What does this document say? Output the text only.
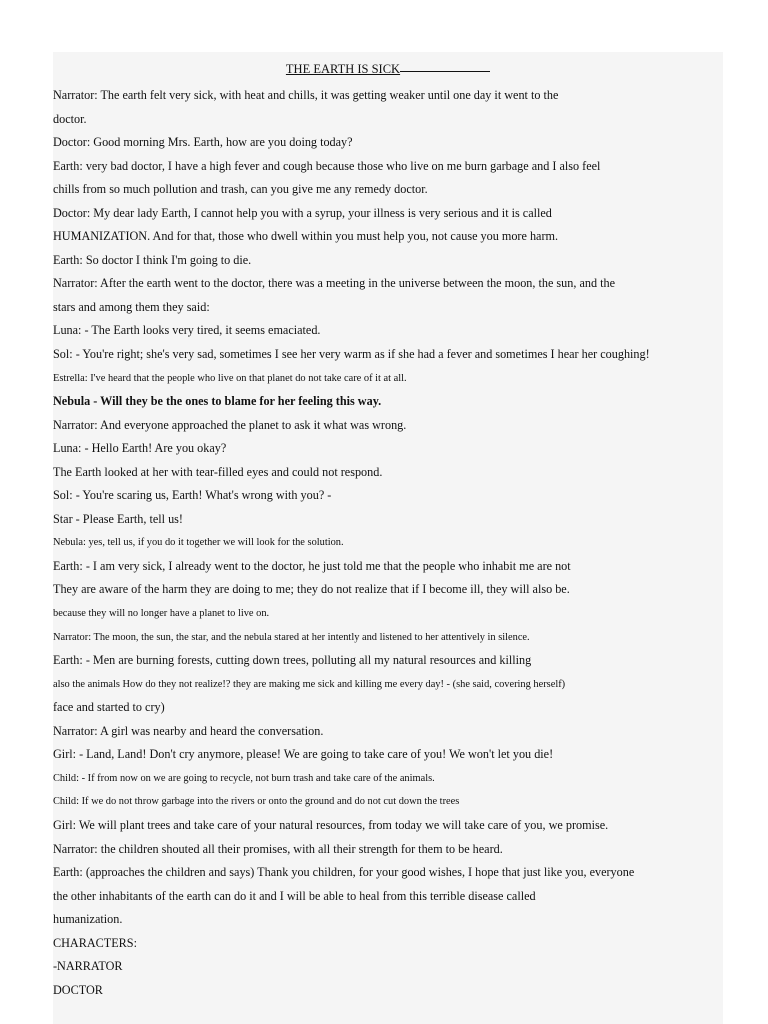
THE EARTH IS SICK
Narrator: The earth felt very sick, with heat and chills, it was getting weaker until one day it went to the
doctor.
Doctor: Good morning Mrs. Earth, how are you doing today?
Earth: very bad doctor, I have a high fever and cough because those who live on me burn garbage and I also feel
chills from so much pollution and trash, can you give me any remedy doctor.
Doctor: My dear lady Earth, I cannot help you with a syrup, your illness is very serious and it is called
HUMANIZATION. And for that, those who dwell within you must help you, not cause you more harm.
Earth: So doctor I think I'm going to die.
Narrator: After the earth went to the doctor, there was a meeting in the universe between the moon, the sun, and the
stars and among them they said:
Luna: - The Earth looks very tired, it seems emaciated.
Sol: - You're right; she's very sad, sometimes I see her very warm as if she had a fever and sometimes I hear her coughing!
Estrella: I've heard that the people who live on that planet do not take care of it at all.
Nebula - Will they be the ones to blame for her feeling this way.
Narrator: And everyone approached the planet to ask it what was wrong.
Luna: - Hello Earth! Are you okay?
The Earth looked at her with tear-filled eyes and could not respond.
Sol: - You're scaring us, Earth! What's wrong with you? -
Star - Please Earth, tell us!
Nebula: yes, tell us, if you do it together we will look for the solution.
Earth: - I am very sick, I already went to the doctor, he just told me that the people who inhabit me are not
They are aware of the harm they are doing to me; they do not realize that if I become ill, they will also be.
because they will no longer have a planet to live on.
Narrator: The moon, the sun, the star, and the nebula stared at her intently and listened to her attentively in silence.
Earth: - Men are burning forests, cutting down trees, polluting all my natural resources and killing
also the animals How do they not realize!? they are making me sick and killing me every day! - (she said, covering herself)
face and started to cry)
Narrator: A girl was nearby and heard the conversation.
Girl: - Land, Land! Don't cry anymore, please! We are going to take care of you! We won't let you die!
Child: - If from now on we are going to recycle, not burn trash and take care of the animals.
Child: If we do not throw garbage into the rivers or onto the ground and do not cut down the trees
Girl: We will plant trees and take care of your natural resources, from today we will take care of you, we promise.
Narrator: the children shouted all their promises, with all their strength for them to be heard.
Earth: (approaches the children and says) Thank you children, for your good wishes, I hope that just like you, everyone
the other inhabitants of the earth can do it and I will be able to heal from this terrible disease called
humanization.
CHARACTERS:
-NARRATOR
DOCTOR
